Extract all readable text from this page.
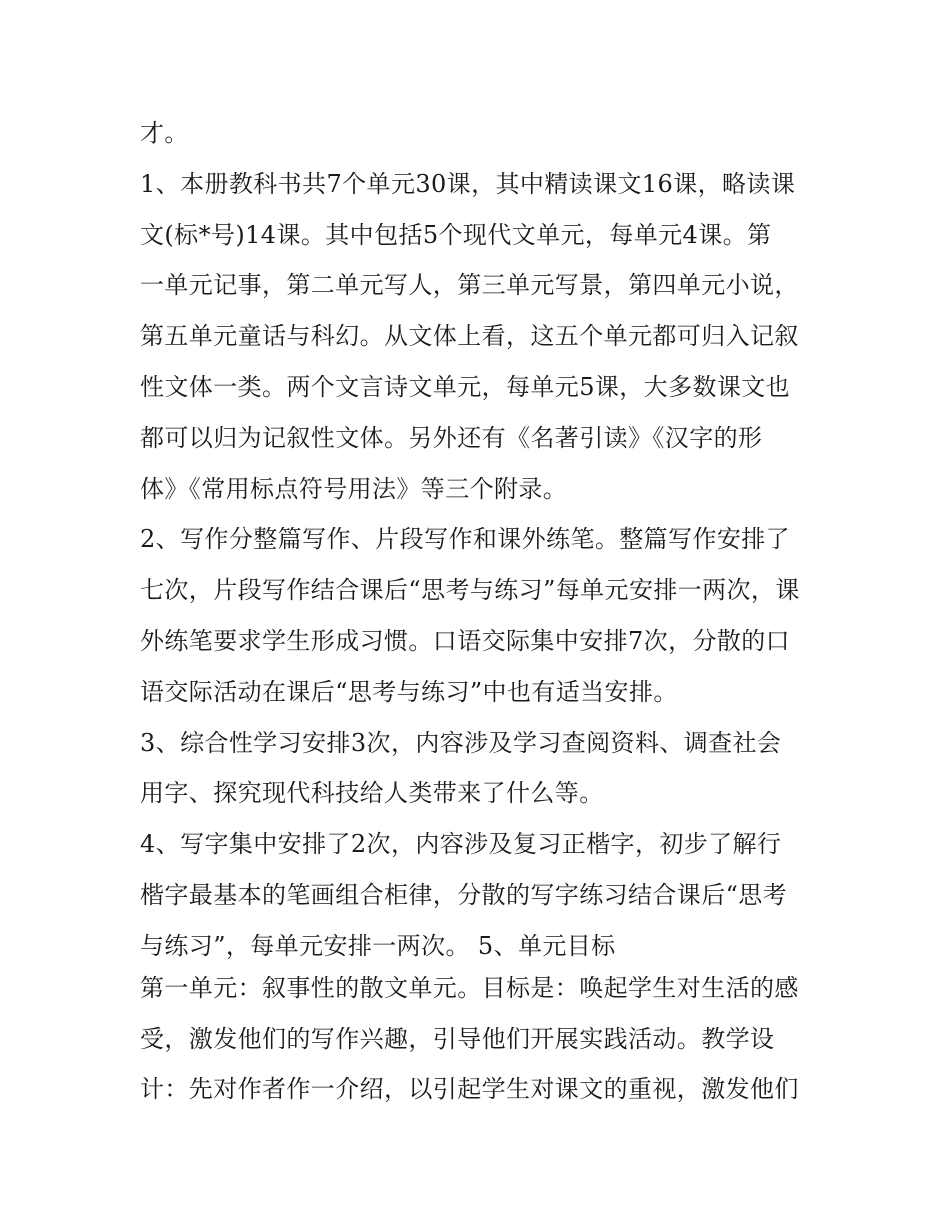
才。
1、本册教科书共7个单元30课，其中精读课文16课，略读课
文(标*号)14课。其中包括5个现代文单元，每单元4课。第
一单元记事，第二单元写人，第三单元写景，第四单元小说，
第五单元童话与科幻。从文体上看，这五个单元都可归入记叙
性文体一类。两个文言诗文单元，每单元5课，大多数课文也
都可以归为记叙性文体。另外还有《名著引读》《汉字的形
体》《常用标点符号用法》等三个附录。
2、写作分整篇写作、片段写作和课外练笔。整篇写作安排了
七次，片段写作结合课后“思考与练习”每单元安排一两次，课
外练笔要求学生形成习惯。口语交际集中安排7次，分散的口
语交际活动在课后“思考与练习”中也有适当安排。
3、综合性学习安排3次，内容涉及学习查阅资料、调查社会
用字、探究现代科技给人类带来了什么等。
4、写字集中安排了2次，内容涉及复习正楷字，初步了解行
楷字最基本的笔画组合柜律，分散的写字练习结合课后“思考
与练习”，每单元安排一两次。 5、单元目标
第一单元：叙事性的散文单元。目标是：唤起学生对生活的感
受，激发他们的写作兴趣，引导他们开展实践活动。教学设
计：先对作者作一介绍，以引起学生对课文的重视，激发他们
